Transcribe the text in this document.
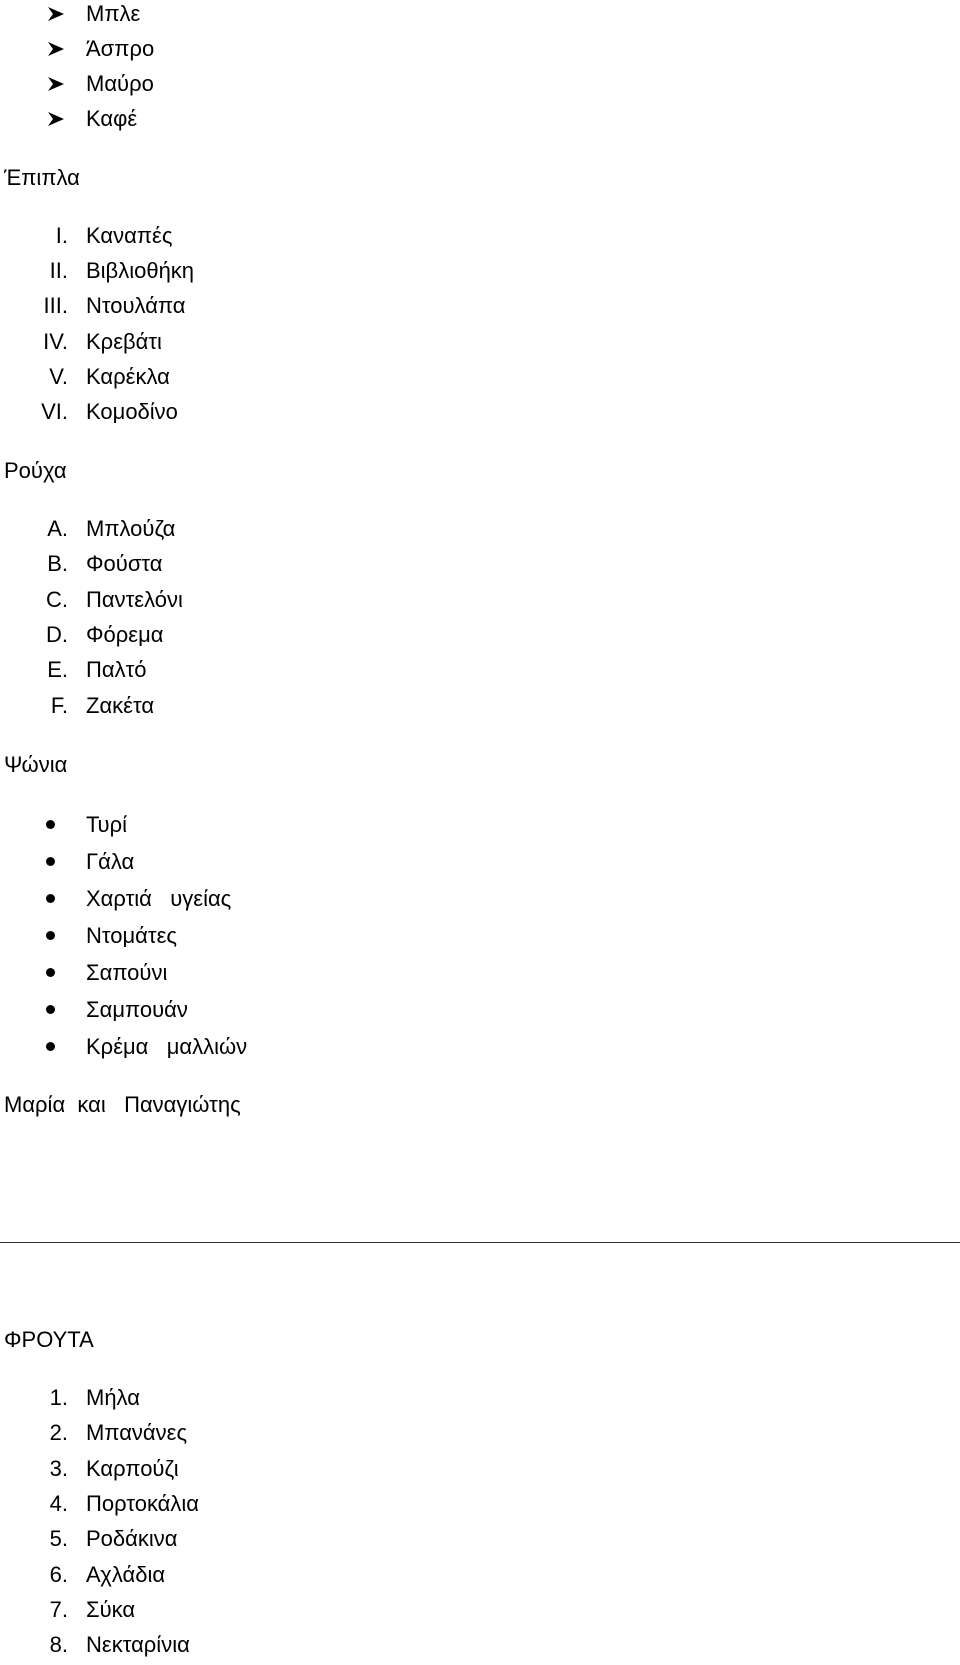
Μπλε
Άσπρο
Μαύρο
Καφέ
Έπιπλα
I. Καναπές
II. Βιβλιοθήκη
III. Ντουλάπα
IV. Κρεβάτι
V. Καρέκλα
VI. Κομοδίνο
Ρούχα
A. Μπλούζα
B. Φούστα
C. Παντελόνι
D. Φόρεμα
E. Παλτό
F. Ζακέτα
Ψώνια
Τυρί
Γάλα
Χαρτιά   υγείας
Ντομάτες
Σαπούνι
Σαμπουάν
Κρέμα   μαλλιών
Μαρία  και   Παναγιώτης
ΦΡΟΥΤΑ
1. Μήλα
2. Μπανάνες
3. Καρπούζι
4. Πορτοκάλια
5. Ροδάκινα
6. Αχλάδια
7. Σύκα
8. Νεκταρίνια
